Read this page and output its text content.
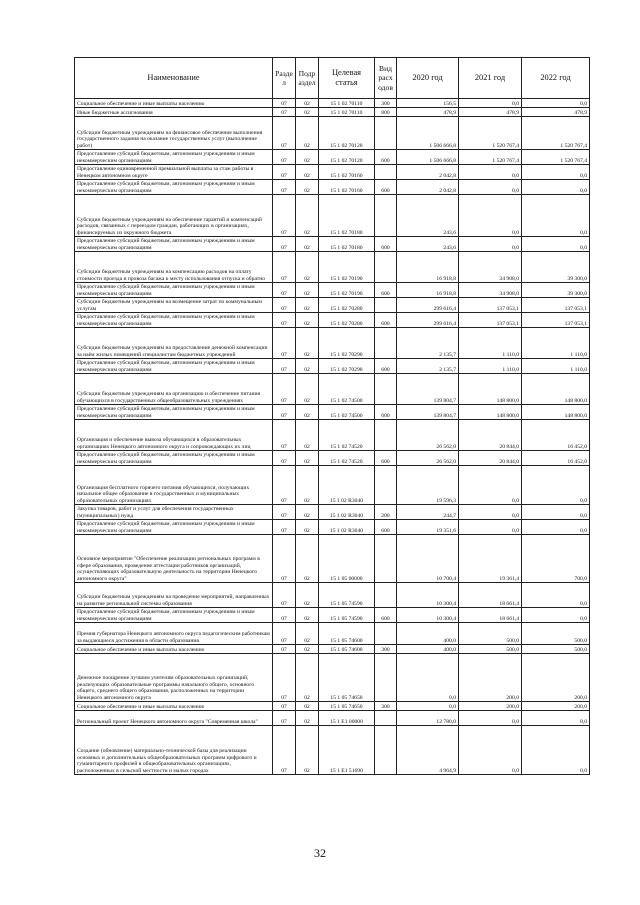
Наименование	Разде л	Подр аздел	Целевая статья	Вид расх одов	2020 год	2021 год	2022 год
Социальное обеспечение и иные выплаты населению	07	02	15 1 02 70110	300	156,5	0,0	0,0
Иные бюджетные ассигнования	07	02	15 1 02 70110	800	478,9	478,9	478,9
Субсидии бюджетным учреждениям на финансовое обеспечение выполнения государственного задания на оказание государственных услуг (выполнение работ)	07	02	15 1 02 70120		1 506 666,8	1 520 767,4	1 520 767,4
Предоставление субсидий бюджетным, автономным учреждениям и иным некоммерческим организациям	07	02	15 1 02 70120	600	1 506 666,8	1 520 767,4	1 520 767,4
Предоставление единовременной премиальной выплаты за стаж работы в Ненецком автономном округе	07	02	15 1 02 70160		2 042,8	0,0	0,0
Предоставление субсидий бюджетным, автономным учреждениям и иным некоммерческим организациям	07	02	15 1 02 70160	600	2 042,8	0,0	0,0
Субсидии бюджетным учреждениям на обеспечение гарантий и компенсаций расходов, связанных с переездом граждан, работающих в организациях, финансируемых из окружного бюджета	07	02	15 1 02 70180		243,6	0,0	0,0
Предоставление субсидий бюджетным, автономным учреждениям и иным некоммерческим организациям	07	02	15 1 02 70180	600	243,6	0,0	0,0
Субсидии бюджетным учреждениям на компенсацию расходов на оплату стоимости проезда и провоза багажа к месту использования отпуска и обратно	07	02	15 1 02 70190		16 918,8	34 908,0	39 300,0
Предоставление субсидий бюджетным, автономным учреждениям и иным некоммерческим организациям	07	02	15 1 02 70190	600	16 918,8	34 908,0	39 300,0
Субсидии бюджетным учреждениям на возмещение затрат по коммунальным услугам	07	02	15 1 02 70280		299 616,4	137 053,1	137 053,1
Предоставление субсидий бюджетным, автономным учреждениям и иным некоммерческим организациям	07	02	15 1 02 70280	600	299 616,4	137 053,1	137 053,1
Субсидии бюджетным учреждениям на предоставление денежной компенсации за наём жилых помещений специалистам бюджетных учреждений	07	02	15 1 02 70290		2 135,7	1 110,0	1 110,0
Предоставление субсидий бюджетным, автономным учреждениям и иным некоммерческим организациям	07	02	15 1 02 70290	600	2 135,7	1 110,0	1 110,0
Субсидии бюджетным учреждениям на организацию и обеспечение питания обучающихся в государственных общеобразовательных учреждениях	07	02	15 1 02 74500		139 804,7	148 800,0	148 800,0
Предоставление субсидий бюджетным, автономным учреждениям и иным некоммерческим организациям	07	02	15 1 02 74500	600	139 804,7	148 800,0	148 800,0
Организация и обеспечение вывоза обучающихся в образовательных организациях Ненецкого автономного округа и сопровождающих их лиц	07	02	15 1 02 74520		26 562,0	20 844,0	16 452,0
Предоставление субсидий бюджетным, автономным учреждениям и иным некоммерческим организациям	07	02	15 1 02 74520	600	26 562,0	20 844,0	16 452,0
Организация бесплатного горячего питания обучающихся, получающих начальное общее образование в государственных и муниципальных образовательных организациях	07	02	15 1 02 R3040		19 596,3	0,0	0,0
Закупка товаров, работ и услуг для обеспечения государственных (муниципальных) нужд	07	02	15 1 02 R3040	200	244,7	0,0	0,0
Предоставление субсидий бюджетным, автономным учреждениям и иным некоммерческим организациям	07	02	15 1 02 R3040	600	19 351,6	0,0	0,0
Основное мероприятие "Обеспечение реализации региональных программ в сфере образования, проведение аттестации работников организаций, осуществляющих образовательную деятельность на территории Ненецкого автономного округа"	07	02	15 1 05 00000		10 700,4	19 361,4	700,0
Субсидии бюджетным учреждениям на проведение мероприятий, направленных на развитие региональной системы образования	07	02	15 1 05 74590		10 300,4	18 661,4	0,0
Предоставление субсидий бюджетным, автономным учреждениям и иным некоммерческим организациям	07	02	15 1 05 74590	600	10 300,4	18 661,4	0,0
Премия губернатора Ненецкого автономного округа педагогическим работникам за выдающиеся достижения в области образования	07	02	15 1 05 74600		400,0	500,0	500,0
Социальное обеспечение и иные выплаты населению	07	02	15 1 05 74600	300	400,0	500,0	500,0
Денежное поощрение лучшим учителям образовательных организаций, реализующих образовательные программы начального общего, основного общего, среднего общего образования, расположенных на территории Ненецкого автономного округа	07	02	15 1 05 74650		0,0	200,0	200,0
Социальное обеспечение и иные выплаты населению	07	02	15 1 05 74650	300	0,0	200,0	200,0
Региональный проект Ненецкого автономного округа "Современная школа"	07	02	15 1 E1 00000		12 780,0	0,0	0,0
Создание (обновление) материально-технической базы для реализации основных и дополнительных общеобразовательных программ цифрового и гуманитарного профилей в общеобразовательных организациях, расположенных в сельской местности и малых городах	07	02	15 1 E1 51690		4 964,9	0,0	0,0
32
